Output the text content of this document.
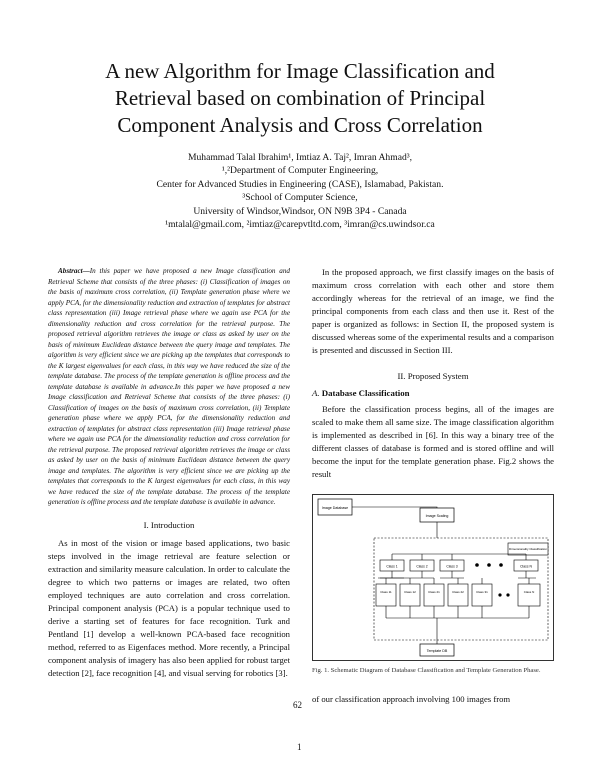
A new Algorithm for Image Classification and
Retrieval based on combination of Principal
Component Analysis and Cross Correlation
Muhammad Talal Ibrahim¹, Imtiaz A. Taj², Imran Ahmad³,
¹,²Department of Computer Engineering,
Center for Advanced Studies in Engineering (CASE), Islamabad, Pakistan.
³School of Computer Science,
University of Windsor,Windsor, ON N9B 3P4 - Canada
¹mtalal@gmail.com, ²imtiaz@carepvtltd.com, ³imran@cs.uwindsor.ca

Abstract—In this paper we have proposed a new Image classification and Retrieval Scheme that consists of the three phases: (i) Classification of images on the basis of maximum cross correlation, (ii) Template generation phase where we apply PCA, for the dimensionality reduction and extraction of templates for abstract class representation (iii) Image retrieval phase where we again use PCA for the dimensionality reduction and cross correlation for the retrieval purpose. The proposed retrieval algorithm retrieves the image or class as asked by user on the basis of minimum Euclidean distance between the query image and templates. The algorithm is very efficient since we are picking up the templates that corresponds to the K largest eigenvalues for each class, in this way we have reduced the size of the template database. The process of the template generation is offline process and the template database is available in advance.In this paper we have proposed a new Image classification and Retrieval Scheme that consists of the three phases: (i) Classification of images on the basis of maximum cross correlation, (ii) Template generation phase where we apply PCA, for the dimensionality reduction and extraction of templates for abstract class representation (iii) Image retrieval phase where we again use PCA for the dimensionality reduction and cross correlation for the retrieval purpose. The proposed retrieval algorithm retrieves the image or class as asked by user on the basis of minimum Euclidean distance between the query image and templates. The algorithm is very efficient since we are picking up the templates that corresponds to the K largest eigenvalues for each class, in this way we have reduced the size of the template database. The process of the template generation is offline process and the template database is available in advance.

I. Introduction

As in most of the vision or image based applications, two basic steps involved in the image retrieval are feature selection or extraction and similarity measure calculation. In order to calculate the degree to which two patterns or images are related, two often employed techniques are auto correlation and cross correlation. Principal component analysis (PCA) is a popular technique used to derive a starting set of features for face recognition. Turk and Pentland [1] develop a well-known PCA-based face recognition method, referred to as Eigenfaces method. More recently, a Principal component analysis of imagery has also been applied for robust target detection [2], face recognition [4], and visual serving for robotics [3].

In the proposed approach, we first classify images on the basis of maximum cross correlation with each other and store them accordingly whereas for the retrieval of an image, we find the principal components from each class and then use it. Rest of the paper is organized as follows: in Section II, the proposed system is discussed whereas some of the experimental results and a comparison is presented and discussed in Section III.

II. Proposed System
A. Database Classification

Before the classification process begins, all of the images are scaled to make them all same size. The image classification algorithm is implemented as described in [6]. In this way a binary tree of the different classes of database is formed and is stored offline and will become the input for the template generation phase. Fig.2 shows the result

Image Database
Image Scaling
Dimensionality Classification
Class 1	Class 2	Class 3	Class N
Class 11	Class 12	Class 21	Class 22	Class 31	Class N
Template DB
Fig. 1. Schematic Diagram of Database Classification and Template Generation Phase.

of our classification approach involving 100 images from

62
1
